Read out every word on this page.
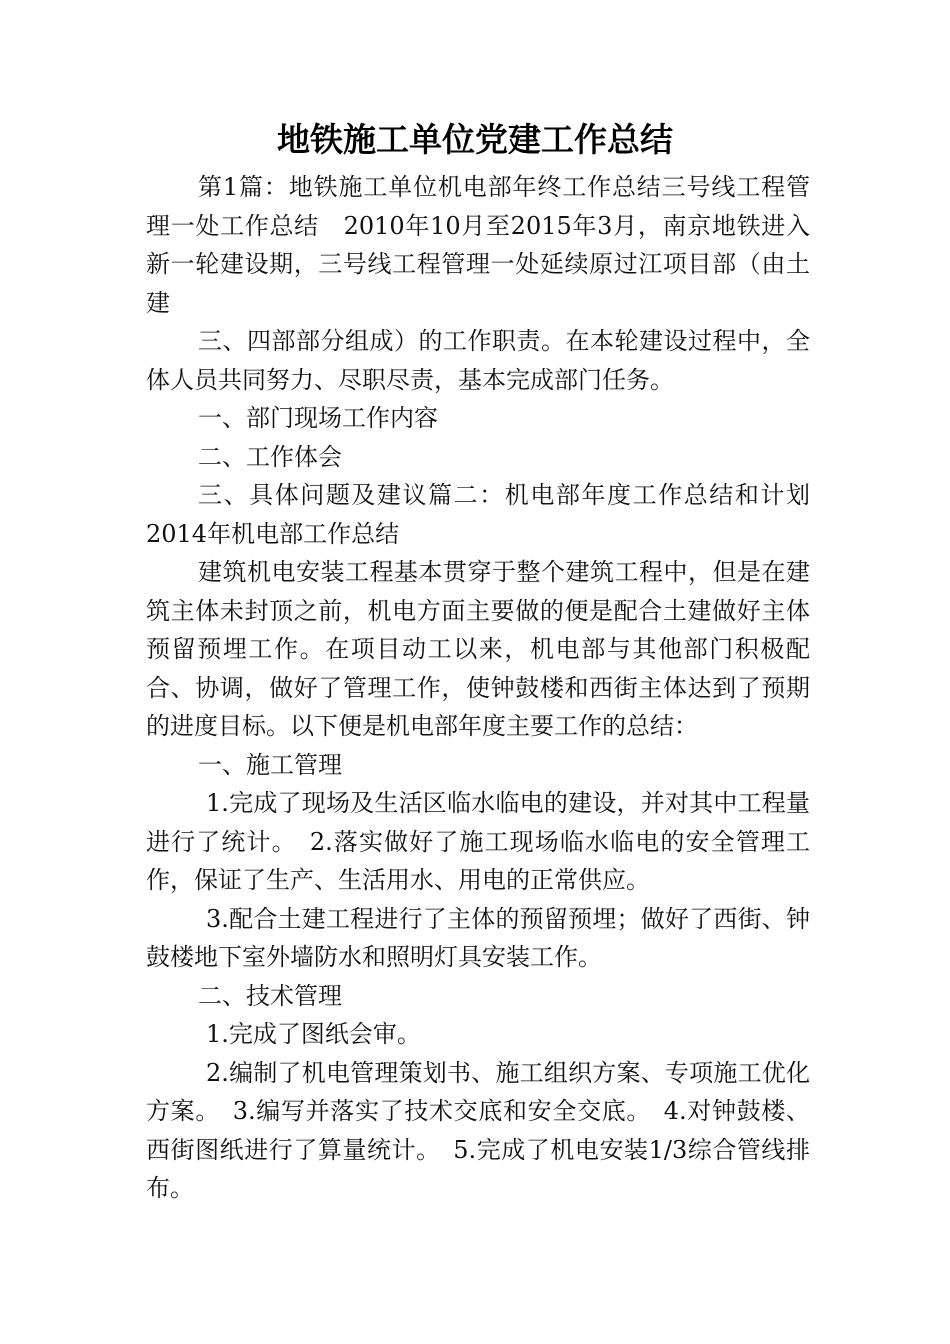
地铁施工单位党建工作总结

第1篇：地铁施工单位机电部年终工作总结三号线工程管理一处工作总结　2010年10月至2015年3月，南京地铁进入新一轮建设期，三号线工程管理一处延续原过江项目部（由土建

三、四部部分组成）的工作职责。在本轮建设过程中，全体人员共同努力、尽职尽责，基本完成部门任务。

一、部门现场工作内容

二、工作体会

三、具体问题及建议篇二：机电部年度工作总结和计划2014年机电部工作总结

建筑机电安装工程基本贯穿于整个建筑工程中，但是在建筑主体未封顶之前，机电方面主要做的便是配合土建做好主体预留预埋工作。在项目动工以来，机电部与其他部门积极配合、协调，做好了管理工作，使钟鼓楼和西街主体达到了预期的进度目标。以下便是机电部年度主要工作的总结：

一、施工管理

1.完成了现场及生活区临水临电的建设，并对其中工程量进行了统计。　2.落实做好了施工现场临水临电的安全管理工作，保证了生产、生活用水、用电的正常供应。

3.配合土建工程进行了主体的预留预埋；做好了西街、钟鼓楼地下室外墙防水和照明灯具安装工作。

二、技术管理

1.完成了图纸会审。

2.编制了机电管理策划书、施工组织方案、专项施工优化方案。　3.编写并落实了技术交底和安全交底。　4.对钟鼓楼、西街图纸进行了算量统计。　5.完成了机电安装1/3综合管线排布。
